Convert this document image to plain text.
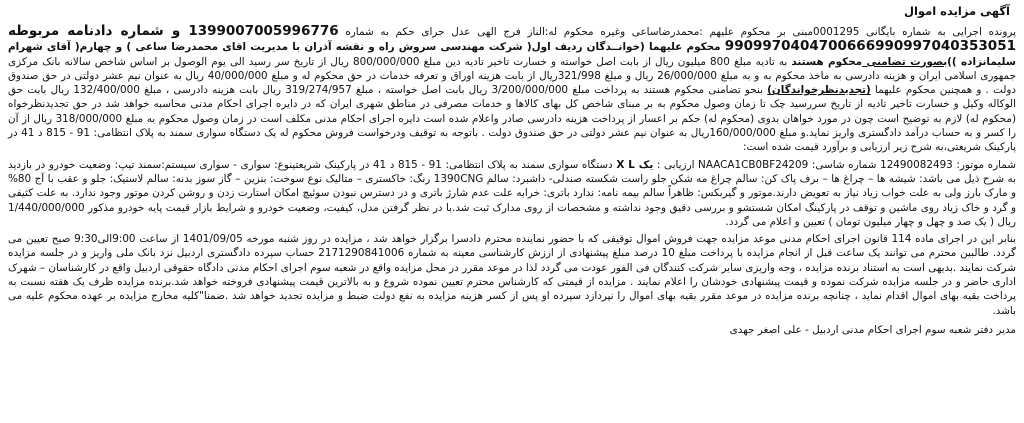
آگهی مزایده اموال

پرونده اجرایی به شماره بایگانی 0001295مبنی بر محکوم علیهم :محمدرضاساعی وغیره محکوم له:الناز فرج الهی عدل جرای حکم به شماره 1399007005996776 و شماره دادنامه مربوطه 9909970404700666990997040353051 محکوم علیهما (خوانــدگان ردیف اول( شرکت مهندسی سروش راه و نقشه آذران با مدیریت اقای محمدرضا ساعی ) و چهارم( آقای شهرام سلیمانزاده ))بصورت تضامنی محکوم هستند به تادیه مبلغ 800 میلیون ریال از بابت اصل خواسته و خسارت تاخیر تادیه دین مبلغ 800/000/000 ریال از تاریخ سر رسید الی یوم الوصول بر اساس شاخص سالانه بانک مرکزی جمهوری اسلامی ایران و هزینه دادرسی به ماخذ محکوم به و به مبلغ 26/000/000 ریال و مبلغ 321/998ریال از بابت هزینه اوراق و تعرفه خدمات در حق محکوم له و مبلغ 40/000/000 ریال به عنوان نیم عشر دولتی در حق صندوق دولت . و همچنین محکوم علیهما (تجدیدنظرخواندگان) بنحو تضامنی محکوم هستند به پرداخت مبلغ 3/200/000/000 ریال بابت اصل خواسته ، مبلغ 319/274/957 ریال بابت هزینه دادرسی ، مبلغ 132/400/000 ریال بابت حق الوکاله وکیل و خسارت تاخیر تادیه از تاریخ سررسید چک تا زمان وصول محکوم به بر مبنای شاخص کل بهای کالاها و خدمات مصرفی در مناطق شهری ایران که در دایره اجرای احکام مدنی محاسبه خواهد شد در حق تجدیدنظرخواه (محکوم له) لازم به توضیح است چون در مورد خواهان بدوی (محکوم له) حکم بر اعسار از پرداخت هزینه دادرسی صادر واعلام شده است دایره اجرای احکام مدنی مکلف است در زمان وصول محکوم به مبلغ 318/000/000 ریال از آن را کسر و به حساب درآمد دادگستری واریز نماید.و مبلغ 160/000/000ریال به عنوان نیم عشر دولتی در حق صندوق دولت . باتوجه به توقیف ودرخواست فروش محکوم له یک دستگاه سواری سمند به پلاک انتظامی: 91 - 815 د 41 در پارکینک شریعتی،به شرح زیر ارزیابی و برآورد قیمت شده است:

شماره موتور: 12490082493 شماره شاسی: NAACA1CB0BF24209 ارزیابی : یک X L دستگاه سواری سمند به پلاک انتظامی: 91 - 815 د 41 در پارکینک شریعتینوع: سواری - سواری سیستم:سمند تیپ: وضعیت خودرو در بازدید به شرح ذیل می باشد: شیشه ها – چراغ ها – برف پاک کن: سالم چراغ مه شکن جلو راست شکسته صندلی- داشبرد: سالم 1390CNG رنگ: خاکستری – متالیک نوع سوخت: بنزین – گاز سوز بدنه: سالم لاستیک: جلو و عقب با آج 80% و مارک بارز ولی به علت خواب زیاد نیاز به تعویض دارند.موتور و گیربکس: ظاهراً سالم بیمه نامه: ندارد باتری: خرابه علت عدم شارژ باتری و در دسترس نبودن سوئیچ امکان استارت زدن و روشن کردن موتور وجود ندارد. به علت کثیفی و گرد و خاک زیاد روی ماشین و توقف در پارکینگ امکان شستشو و بررسی دقیق وجود نداشته و مشخصات از روی مدارک ثبت شد.با در نظر گرفتن مدل، کیفیت، وضعیت خودرو و شرایط بازار قیمت پایه خودرو مذکور 1/440/000/000 ریال ( یک صد و چهل و چهار میلیون تومان ) تعیین و اعلام می گردد.

بنابر این در اجرای ماده 114 قانون اجرای احکام مدنی موعد مزایده جهت فروش اموال توقیفی که با حضور نماینده محترم دادسرا برگزار خواهد شد ، مزایده در روز شنبه مورخه 1401/09/05 از ساعت 9:00الی9:30 صبح تعیین می گردد. طالبین محترم می توانند یک ساعت قبل از انجام مزایده با پرداخت مبلغ 10 درصد مبلغ پیشنهادی از ارزش کارشناسی معینه به شماره 2171290841006 حساب سپرده دادگستری اردبیل نزد بانک ملی واریز و در جلسه مزایده شرکت نمایند .بدیهی است به استناد برنده مزایده ، وجه واریزی سایر شرکت کنندگان فی الفور عودت می گردد لذا در موعد مقرر در محل مزایده واقع در شعبه سوم اجرای احکام مدنی دادگاه حقوقی اردبیل واقع در کارشناسان – شهرک اداری حاضر و در جلسه مزایده شرکت نموده و قیمت پیشنهادی خودشان را اعلام نمایند . مزایده از قیمتی که کارشناس محترم تعیین نموده شروع و به بالاترین قیمت پیشنهادی فروخته خواهد شد.برنده مزایده ظرف یک هفته نسبت به پرداخت بقیه بهای اموال اقدام نماید ، چنانچه برنده مزایده در موعد مقرر بقیه بهای اموال را نپردازد سپرده او پس از کسر هزینه مزایده به نفع دولت ضبط و مزایده تجدید خواهد شد .ضمنا"کلیه مخارج مزایده بر عهده محکوم علیه می باشد.

مدیر دفتر شعبه سوم اجرای احکام مدنی اردبیل - علی اصغر جهدی
